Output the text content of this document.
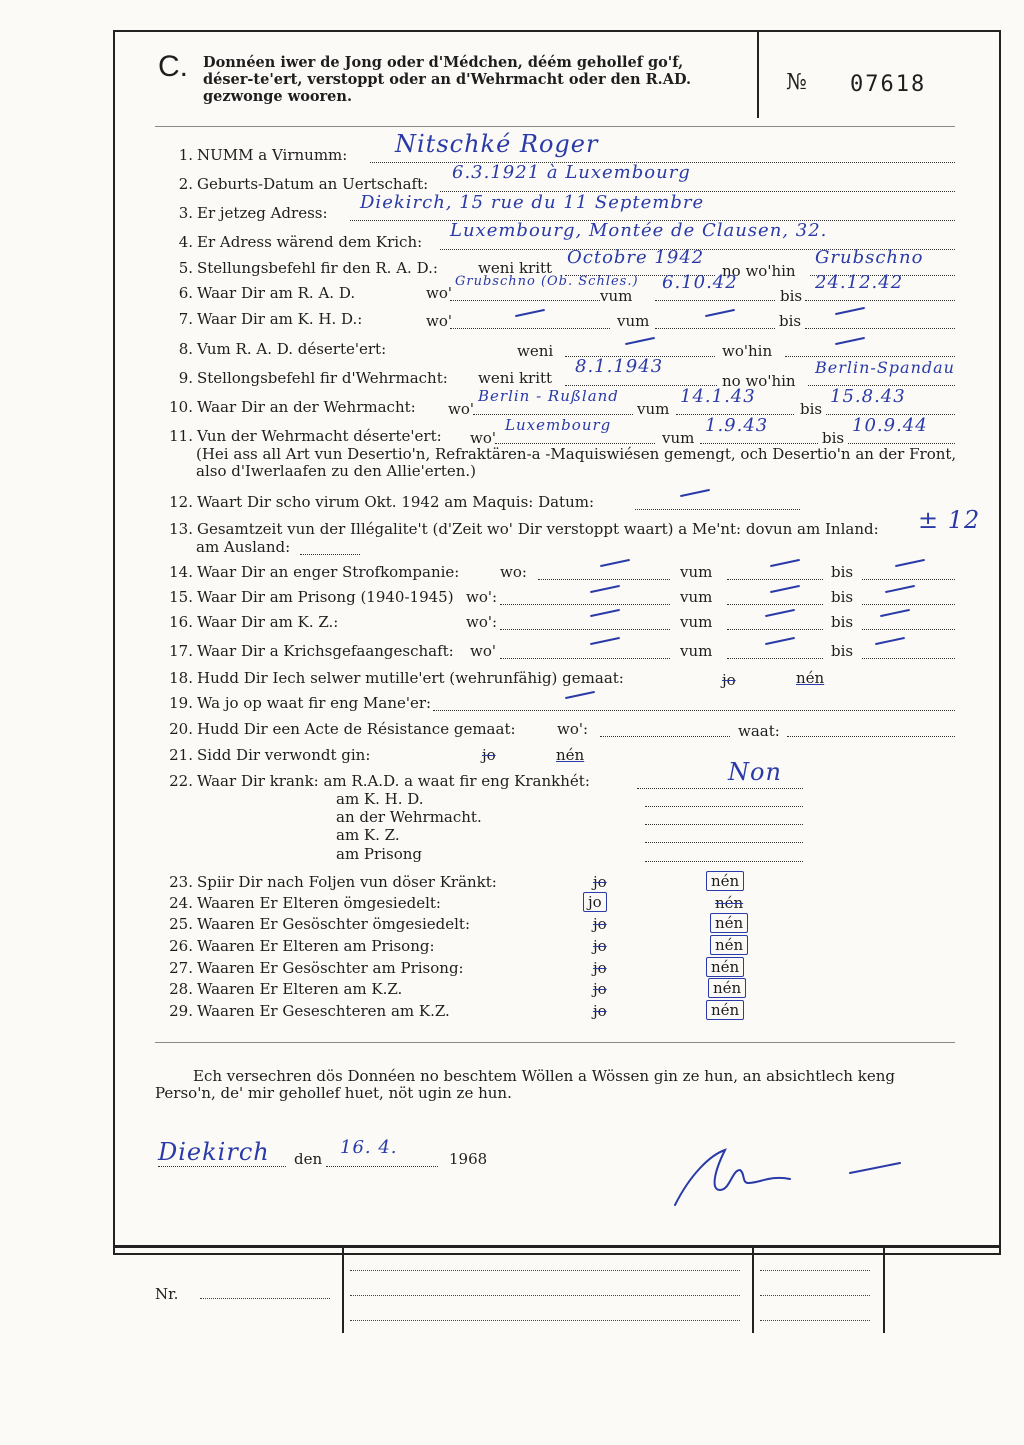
C. Donnéen iwer de Jong oder d'Médchen, déém gehollef go'f, déser-te'ert, verstoppt oder an d'Wehrmacht oder den R.AD. gezwonge wooren.
№ 07618
1. NUMM a Virnumm:	Nitschké Roger
2. Geburts-Datum an Uertschaft:
6.3.1921 à Luxembourg
3. Er jetzeg Adress:	Diekirch, 15 rue du 11 Septembre
4. Er Adress wärend dem Krich:
Luxembourg, Montée de Clausen, 32.
5. Stellungsbefehl fir den R. A. D.:	weni kritt Octobre 1942
no wo'hin
Grubschno
6. Waar Dir am R. A. D.	wo'
Grubschno (Ob. Schles.)
vum
6.10.42
bis
24.12.42
7. Waar Dir am K. H. D.:	wo'	vum	bis
8. Vum R. A. D. déserte'ert:	weni	wo'hin
9. Stellongsbefehl fir d'Wehrmacht:	weni kritt
8.1.1943
no wo'hin
Berlin-Spandau
10. Waar Dir an der Wehrmacht:	wo'
Berlin - Rußland
vum
14.1.43
bis
15.8.43
11. Vun der Wehrmacht déserte'ert:	wo'
Luxembourg
vum
1.9.43
bis
10.9.44
(Hei ass all Art vun Desertio'n, Refraktären-a -Maquiswiésen gemengt, och Desertio'n an der Front, also d'Iwerlaafen zu den Allie'erten.)
12. Waart Dir scho virum Okt. 1942 am Maquis: Datum:
13. Gesamtzeit vun der Illégalite't (d'Zeit wo' Dir verstoppt waart) a Me'nt: dovun am Inland:	± 12
am Ausland:
14. Waar Dir an enger Strofkompanie:	wo:	vum	bis
15. Waar Dir am Prisong (1940-1945) wo':	vum	bis
16. Waar Dir am K. Z.:	wo':	vum	bis
17. Waar Dir a Krichsgefaangeschaft:	wo'	vum	bis
18. Hudd Dir Iech selwer mutille'ert (wehrunfähig) gemaat:	jo	nén
19. Wa jo op waat fir eng Mane'er:
20. Hudd Dir een Acte de Résistance gemaat:	wo':	waat:
21. Sidd Dir verwondt gin:	jo	nén
22. Waar Dir krank: am R.A.D. a waat fir eng Krankhét:	Non
am K. H. D.
an der Wehrmacht.
am K. Z.
am Prisong
23. Spiir Dir nach Foljen vun döser Kränkt:	jo	nén
24. Waaren Er Elteren ömgesiedelt:	jo	nén
25. Waaren Er Gesöschter ömgesiedelt:	jo	nén
26. Waaren Er Elteren am Prisong:	jo	nén
27. Waaren Er Gesöschter am Prisong:	jo	nén
28. Waaren Er Elteren am K.Z.	jo	nén
29. Waaren Er Geseschteren am K.Z.	jo	nén
Ech versechren dös Donnéen no beschtem Wöllen a Wössen gin ze hun, an absichtlech keng Perso'n, de' mir gehollef huet, nöt ugin ze hun.
Diekirch den
16. 4.
1968
Nr.
